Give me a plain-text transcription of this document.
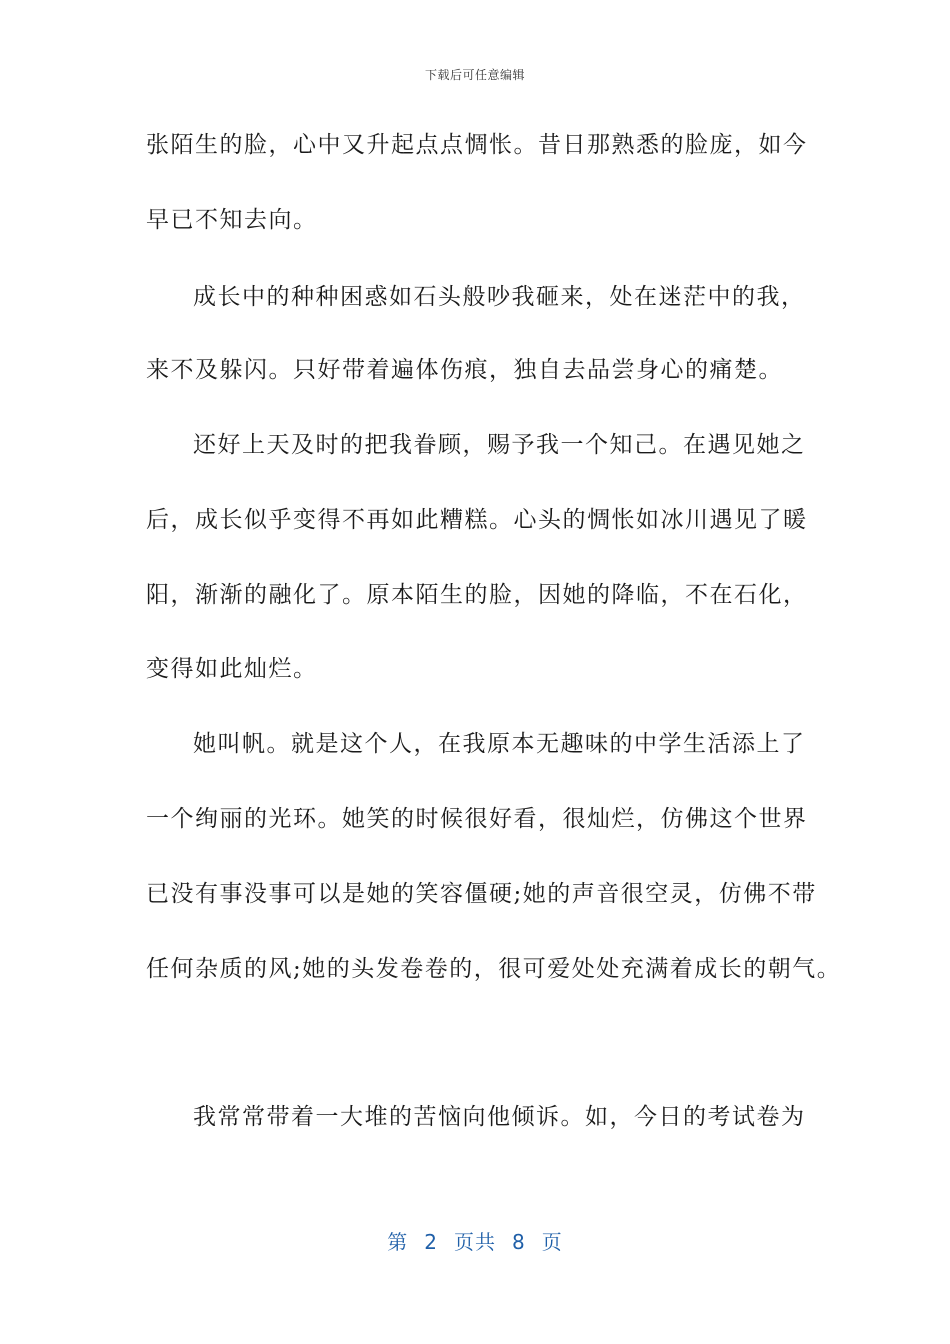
下载后可任意编辑
张陌生的脸，心中又升起点点惆怅。昔日那熟悉的脸庞，如今
早已不知去向。
成长中的种种困惑如石头般吵我砸来，处在迷茫中的我，
来不及躲闪。只好带着遍体伤痕，独自去品尝身心的痛楚。
还好上天及时的把我眷顾，赐予我一个知己。在遇见她之
后，成长似乎变得不再如此糟糕。心头的惆怅如冰川遇见了暖
阳，渐渐的融化了。原本陌生的脸，因她的降临，不在石化，
变得如此灿烂。
她叫帆。就是这个人，在我原本无趣味的中学生活添上了
一个绚丽的光环。她笑的时候很好看，很灿烂，仿佛这个世界
已没有事没事可以是她的笑容僵硬;她的声音很空灵，仿佛不带
任何杂质的风;她的头发卷卷的，很可爱处处充满着成长的朝气。
我常常带着一大堆的苦恼向他倾诉。如，今日的考试卷为
第 2 页共 8 页
